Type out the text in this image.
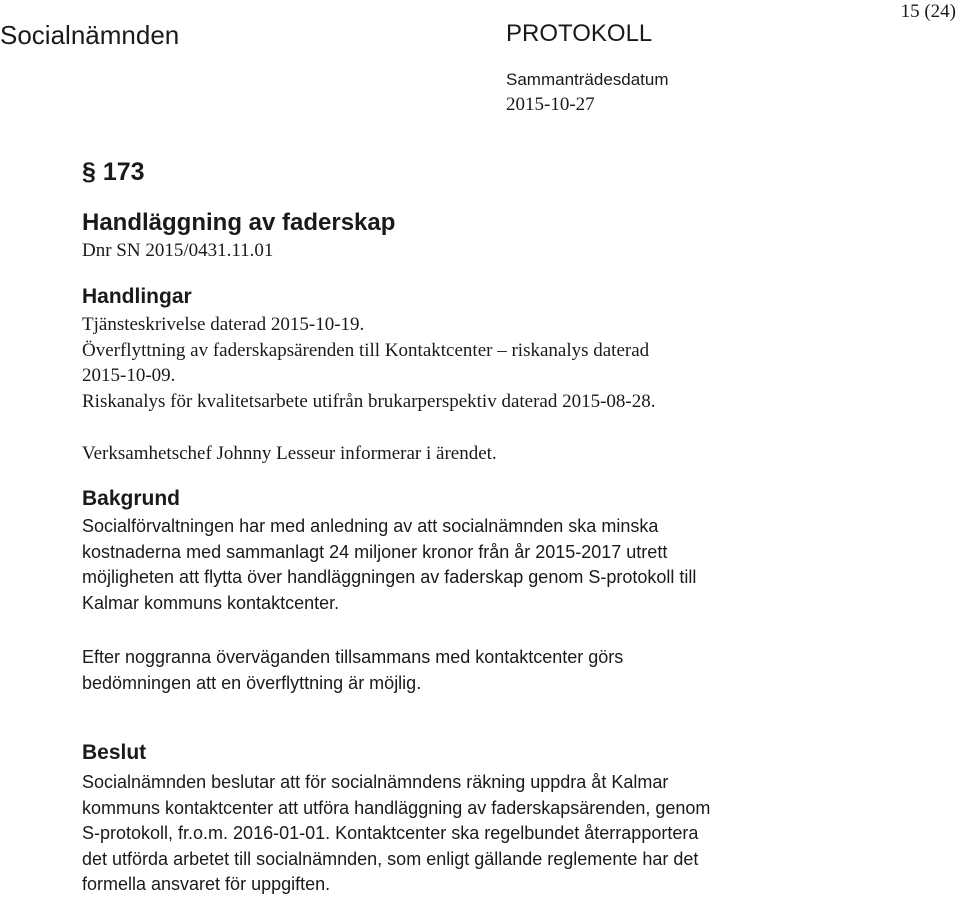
Socialnämnden	PROTOKOLL
15 (24)
Sammanträdesdatum
2015-10-27
§ 173
Handläggning av faderskap
Dnr SN 2015/0431.11.01
Handlingar
Tjänsteskrivelse daterad 2015-10-19.
Överflyttning av faderskapsärenden till Kontaktcenter – riskanalys daterad
2015-10-09.
Riskanalys för kvalitetsarbete utifrån brukarperspektiv daterad 2015-08-28.
Verksamhetschef Johnny Lesseur informerar i ärendet.
Bakgrund
Socialförvaltningen har med anledning av att socialnämnden ska minska
kostnaderna med sammanlagt 24 miljoner kronor från år 2015-2017 utrett
möjligheten att flytta över handläggningen av faderskap genom S-protokoll till
Kalmar kommuns kontaktcenter.
Efter noggranna överväganden tillsammans med kontaktcenter görs
bedömningen att en överflyttning är möjlig.
Beslut
Socialnämnden beslutar att för socialnämndens räkning uppdra åt Kalmar
kommuns kontaktcenter att utföra handläggning av faderskapsärenden, genom
S-protokoll, fr.o.m. 2016-01-01. Kontaktcenter ska regelbundet återrapportera
det utförda arbetet till socialnämnden, som enligt gällande reglemente har det
formella ansvaret för uppgiften.
